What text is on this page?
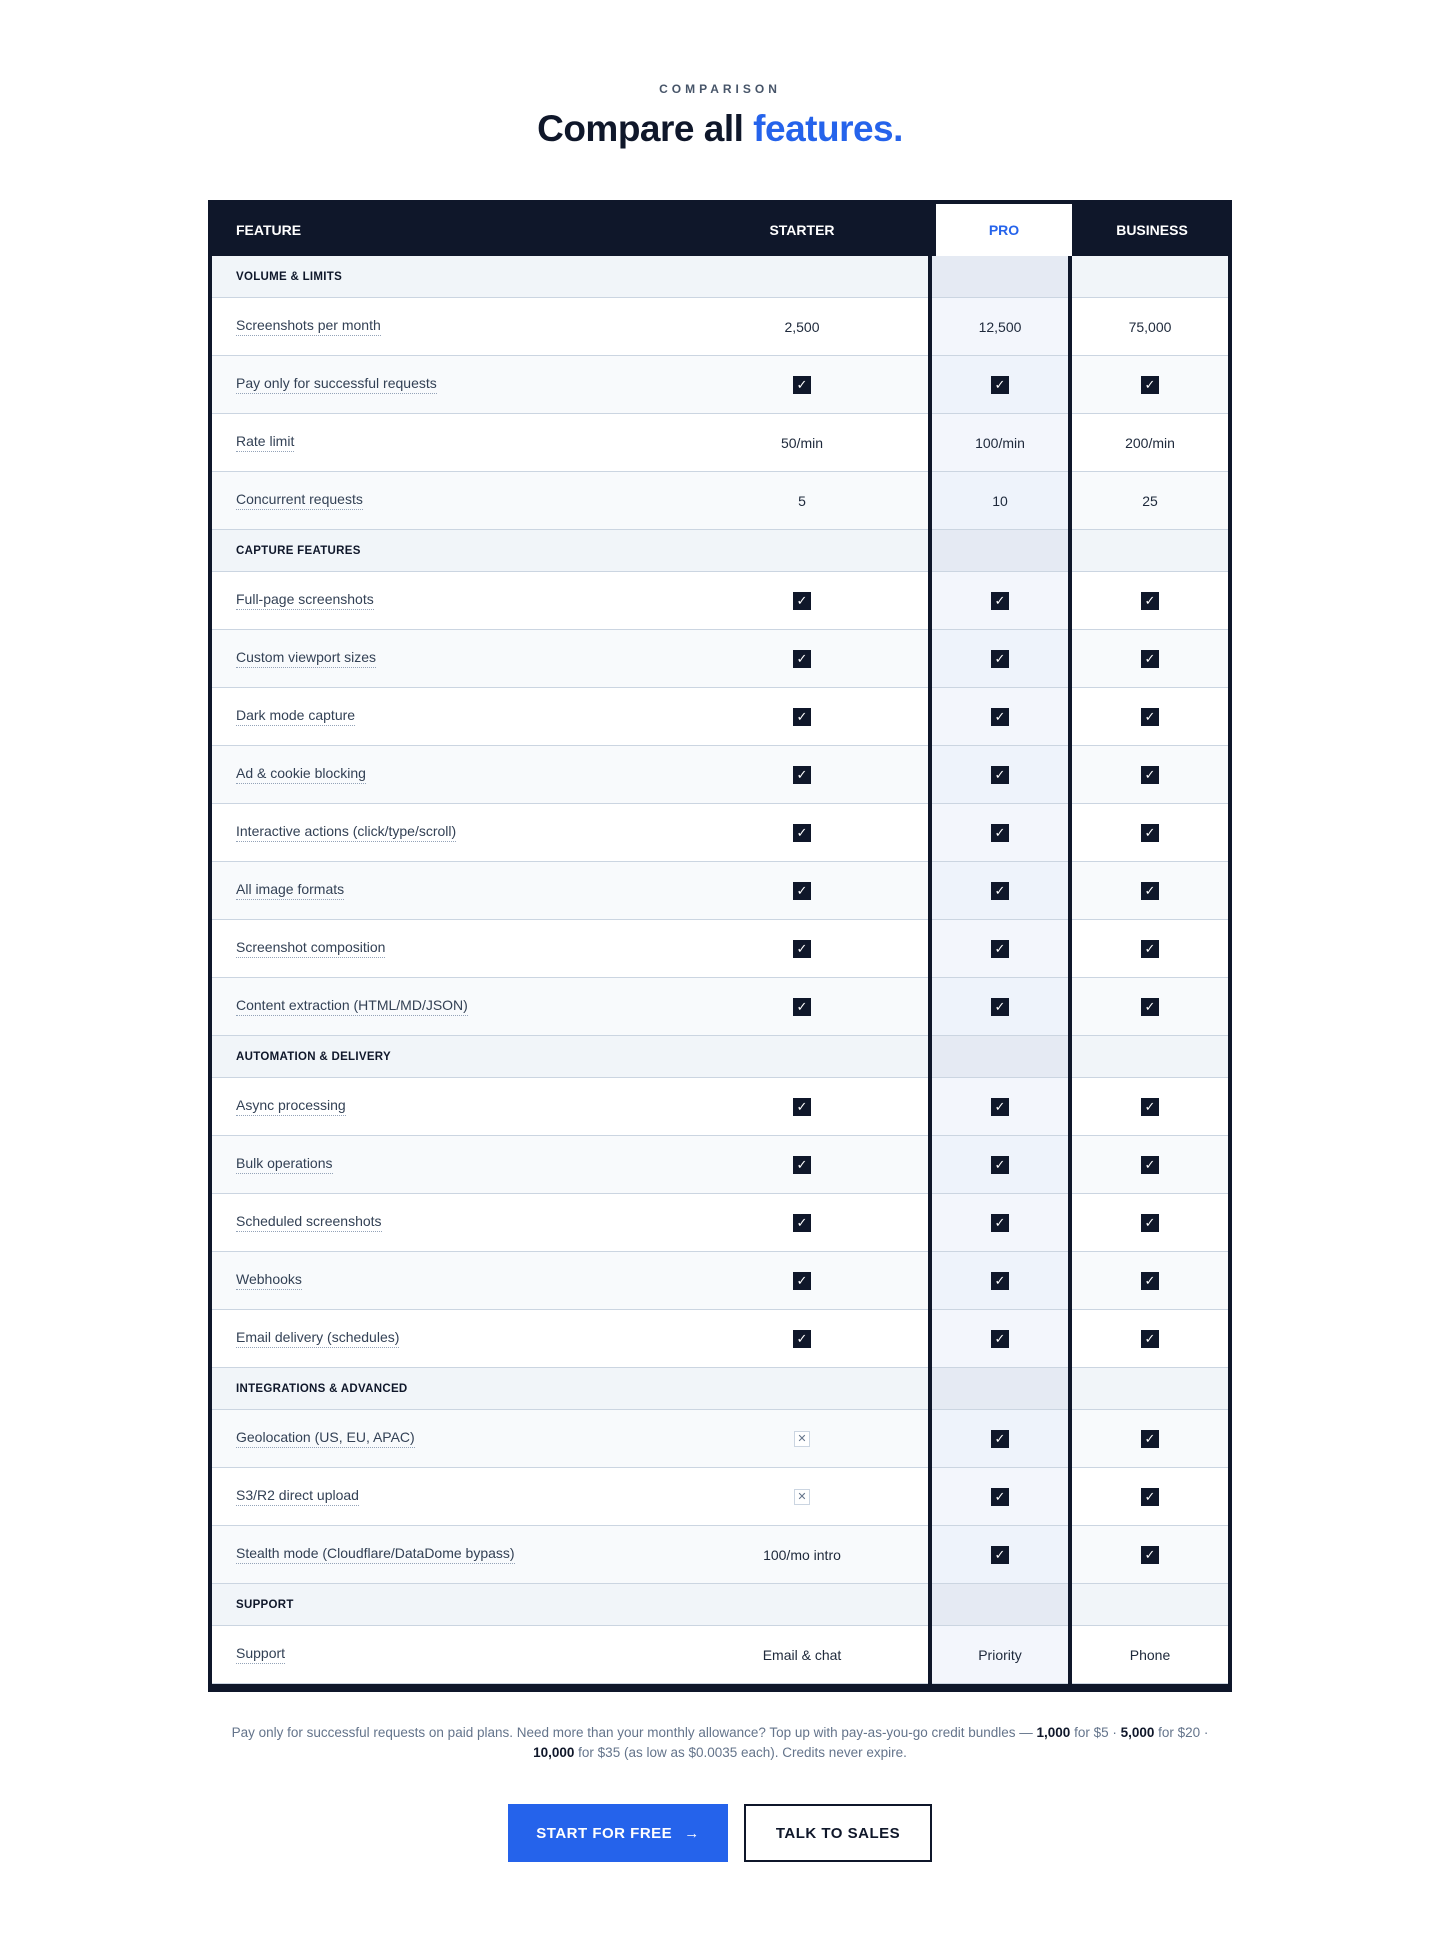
COMPARISON
Compare all features.
FEATURE	STARTER	PRO	BUSINESS
VOLUME & LIMITS
Screenshots per month	2,500	12,500	75,000
Pay only for successful requests	✓	✓	✓
Rate limit	50/min	100/min	200/min
Concurrent requests	5	10	25
CAPTURE FEATURES
Full-page screenshots	✓	✓	✓
Custom viewport sizes	✓	✓	✓
Dark mode capture	✓	✓	✓
Ad & cookie blocking	✓	✓	✓
Interactive actions (click/type/scroll)	✓	✓	✓
All image formats	✓	✓	✓
Screenshot composition	✓	✓	✓
Content extraction (HTML/MD/JSON)	✓	✓	✓
AUTOMATION & DELIVERY
Async processing	✓	✓	✓
Bulk operations	✓	✓	✓
Scheduled screenshots	✓	✓	✓
Webhooks	✓	✓	✓
Email delivery (schedules)	✓	✓	✓
INTEGRATIONS & ADVANCED
Geolocation (US, EU, APAC)	✕	✓	✓
S3/R2 direct upload	✕	✓	✓
Stealth mode (Cloudflare/DataDome bypass)	100/mo intro	✓	✓
SUPPORT
Support	Email & chat	Priority	Phone
Pay only for successful requests on paid plans. Need more than your monthly allowance? Top up with pay-as-you-go credit bundles — 1,000 for $5 · 5,000 for $20 · 10,000 for $35 (as low as $0.0035 each). Credits never expire.
START FOR FREE →	TALK TO SALES
